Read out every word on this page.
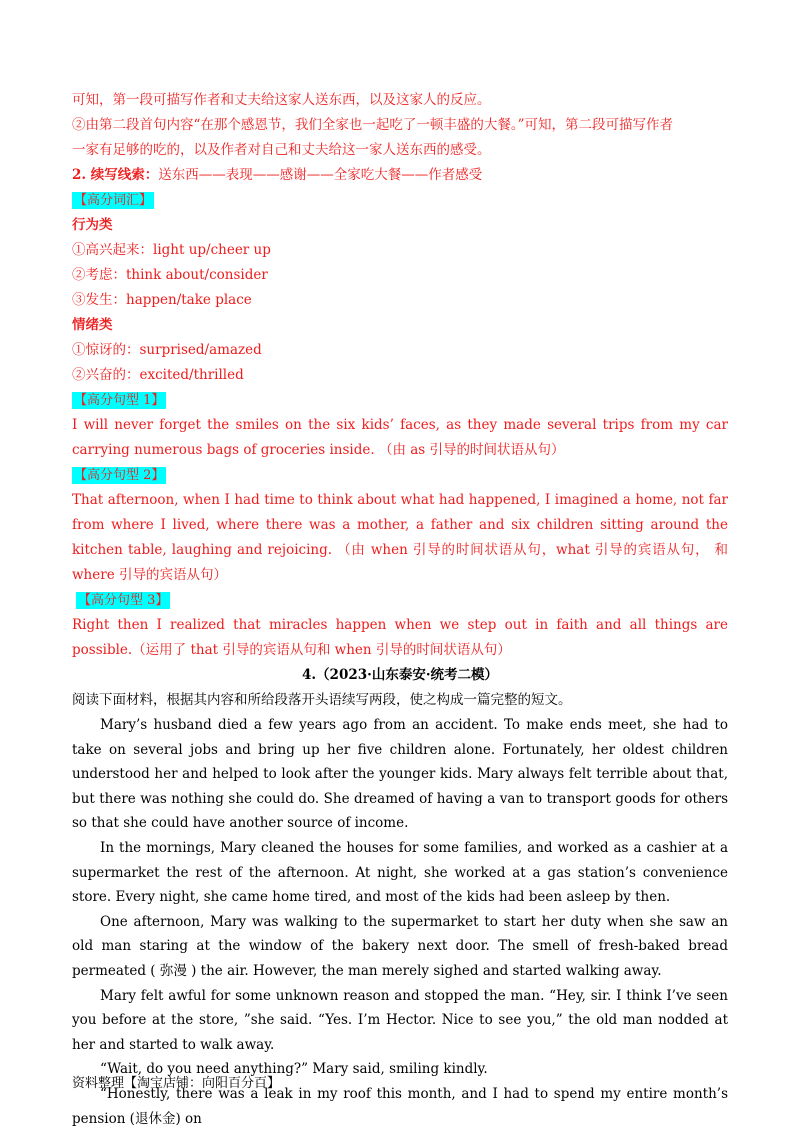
可知，第一段可描写作者和丈夫给这家人送东西，以及这家人的反应。
②由第二段首句内容“在那个感恩节，我们全家也一起吃了一顿丰盛的大餐。”可知，第二段可描写作者
一家有足够的吃的，以及作者对自己和丈夫给这一家人送东西的感受。
2. 续写线索：送东西——表现——感谢——全家吃大餐——作者感受
【高分词汇】
行为类
①高兴起来：light up/cheer up
②考虑：think about/consider
③发生：happen/take place
情绪类
①惊讶的：surprised/amazed
②兴奋的：excited/thrilled
【高分句型 1】
I will never forget the smiles on the six kids’ faces, as they made several trips from my car carrying numerous bags of groceries inside. （由 as 引导的时间状语从句）
【高分句型 2】
That afternoon, when I had time to think about what had happened, I imagined a home, not far from where I lived, where there was a mother, a father and six children sitting around the kitchen table, laughing and rejoicing. （由 when 引导的时间状语从句，what 引导的宾语从句， 和 where 引导的宾语从句）
【高分句型 3】
Right then I realized that miracles happen when we step out in faith and all things are possible.（运用了 that 引导的宾语从句和 when 引导的时间状语从句）
4.（2023·山东泰安·统考二模）
阅读下面材料，根据其内容和所给段落开头语续写两段，使之构成一篇完整的短文。

Mary’s husband died a few years ago from an accident. To make ends meet, she had to take on several jobs and bring up her five children alone. Fortunately, her oldest children understood her and helped to look after the younger kids. Mary always felt terrible about that, but there was nothing she could do. She dreamed of having a van to transport goods for others so that she could have another source of income.

In the mornings, Mary cleaned the houses for some families, and worked as a cashier at a supermarket the rest of the afternoon. At night, she worked at a gas station’s convenience store. Every night, she came home tired, and most of the kids had been asleep by then.

One afternoon, Mary was walking to the supermarket to start her duty when she saw an old man staring at the window of the bakery next door. The smell of fresh-baked bread permeated ( 弥漫 ) the air. However, the man merely sighed and started walking away.

Mary felt awful for some unknown reason and stopped the man. “Hey, sir. I think I’ve seen you before at the store, ”she said. “Yes. I’m Hector. Nice to see you,” the old man nodded at her and started to walk away.

“Wait, do you need anything?” Mary said, smiling kindly.

“Honestly, there was a leak in my roof this month, and I had to spend my entire month’s pension (退休金) on

资料整理【淘宝店铺：向阳百分百】
